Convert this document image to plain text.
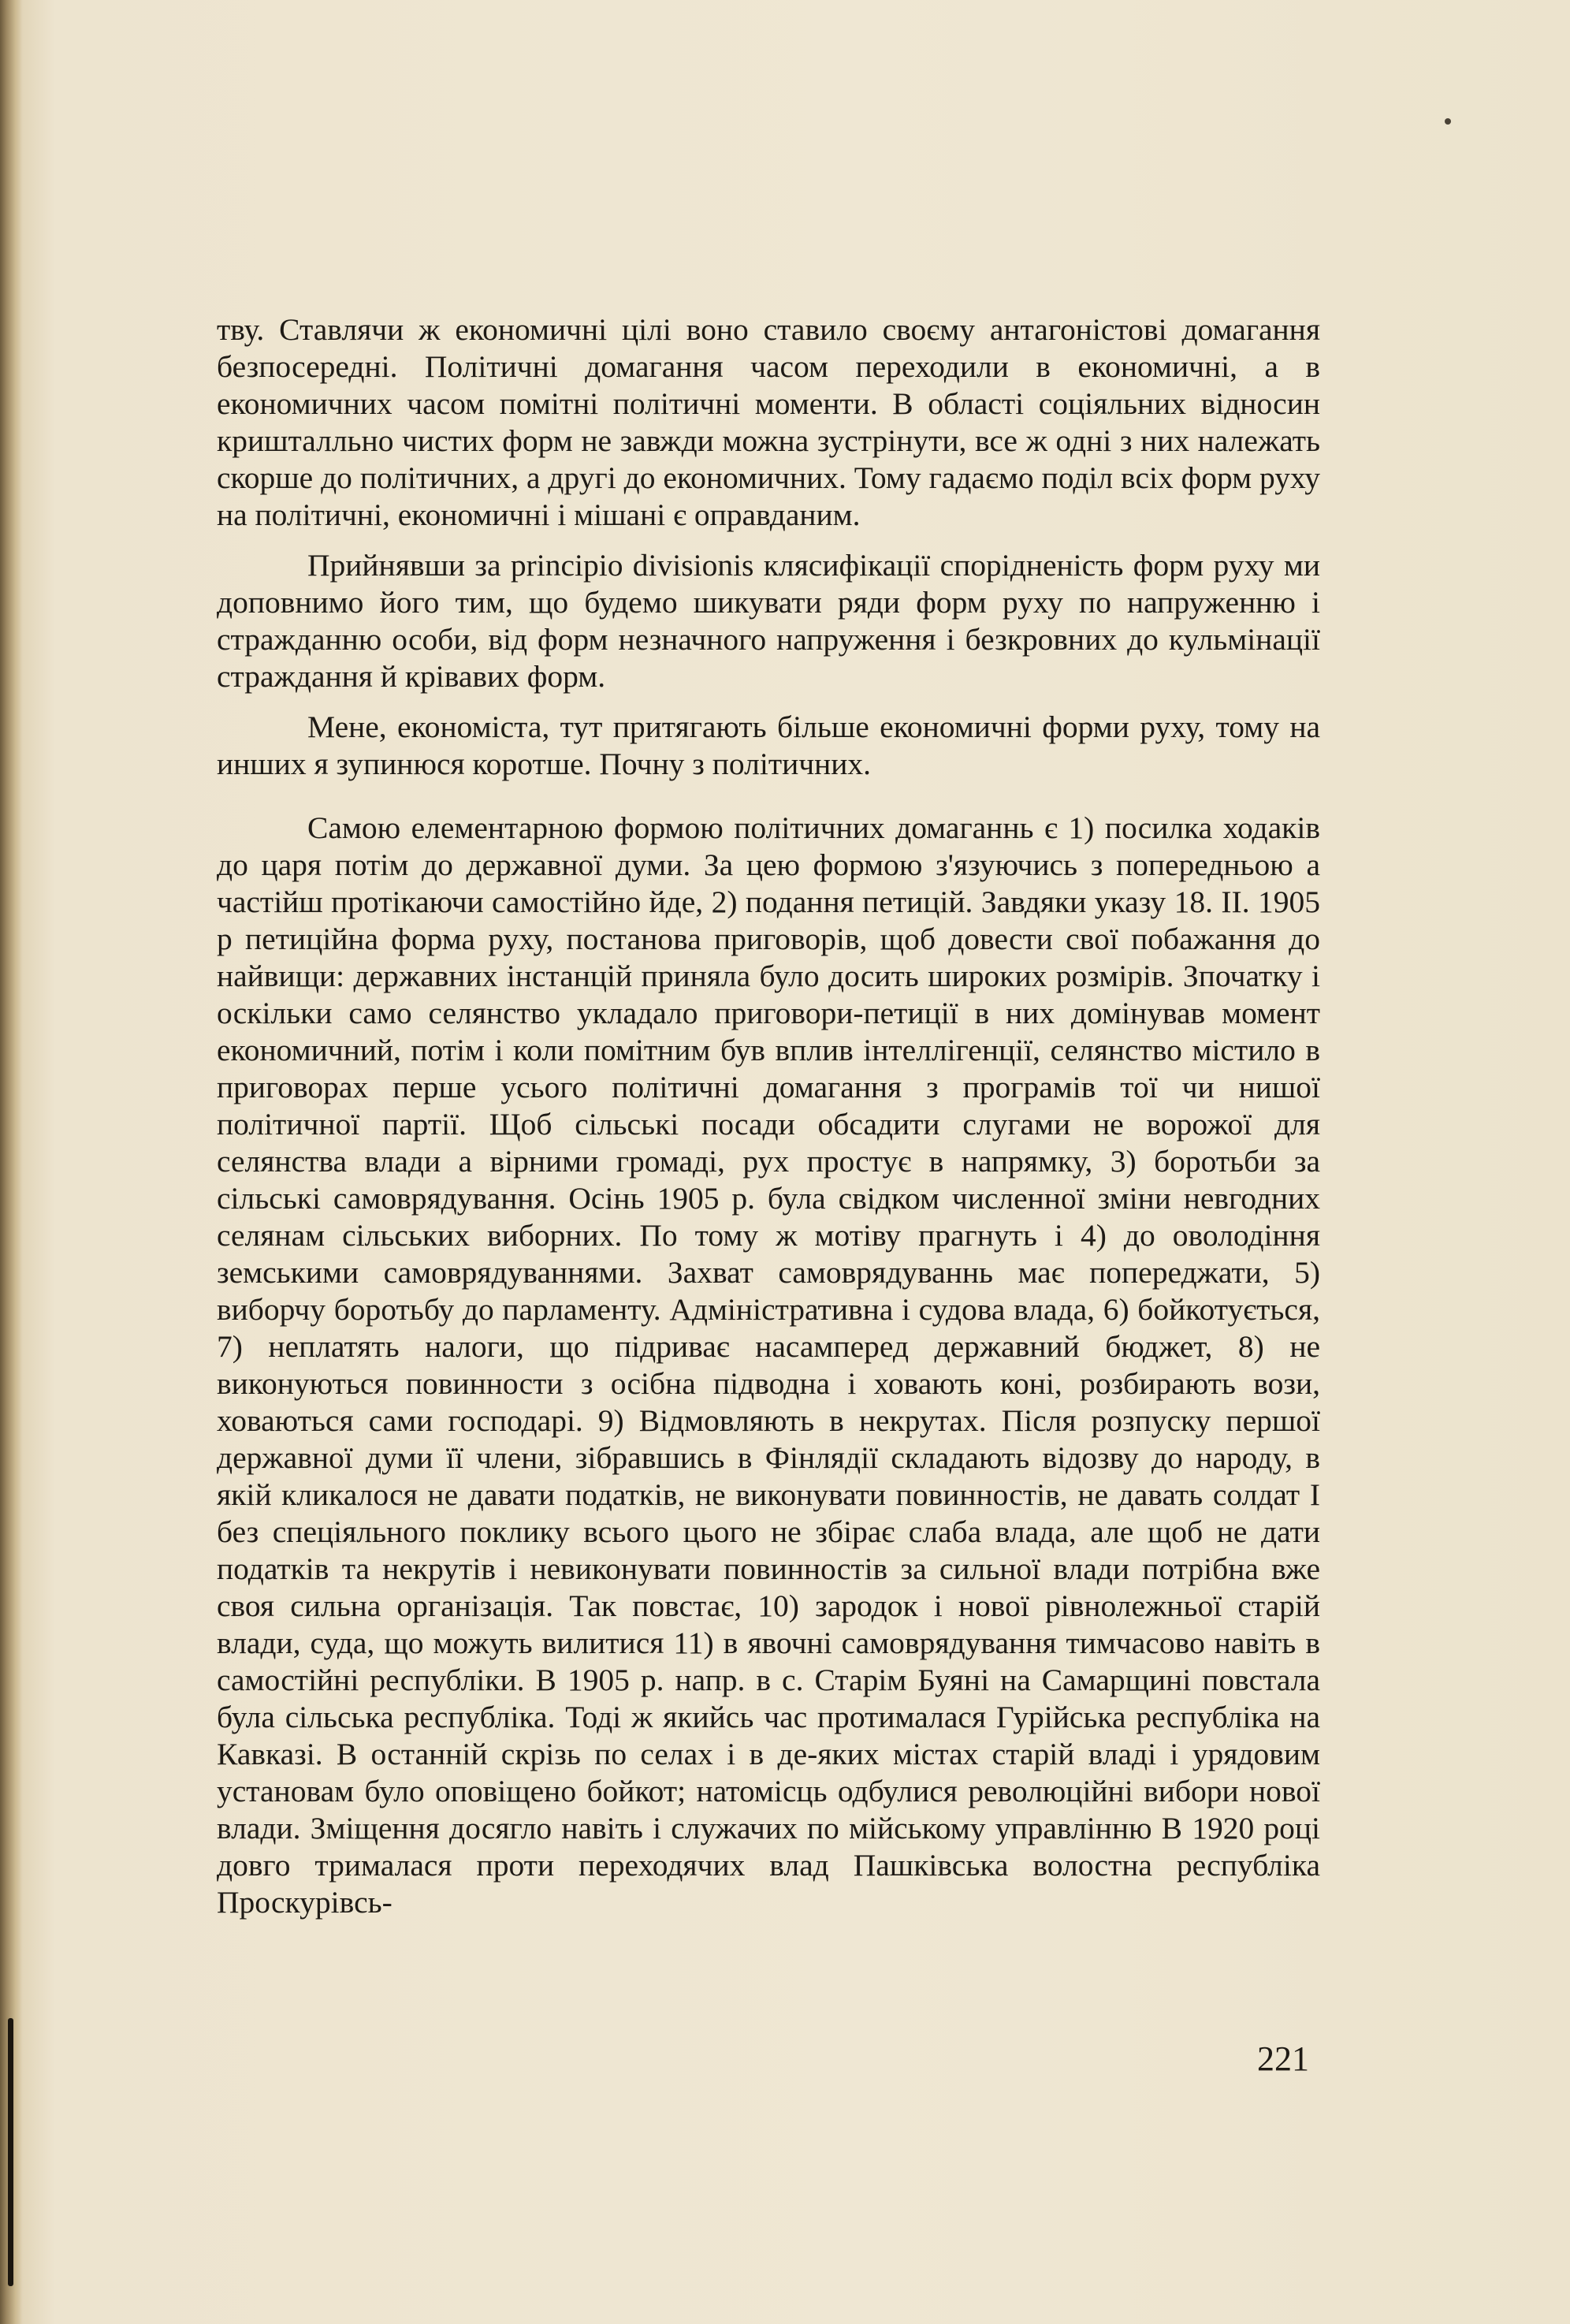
тву. Ставлячи ж економичні цілі воно ставило своєму антагоністові домагання безпосередні. Політичні домагання часом переходили в економичні, а в економичних часом помітні політичні моменти. В області соціяльних відносин кришталльно чистих форм не завжди можна зустрінути, все ж одні з них належать скорше до політичних, а другі до економичних. Тому гадаємо поділ всіх форм руху на політичні, економичні і мішані є оправданим.

Прийнявши за principio divisionis клясифікації спорідненість форм руху ми доповнимо його тим, що будемо шикувати ряди форм руху по напруженню і стражданню особи, від форм незначного напруження і безкровних до кульмінації страждання й крівавих форм.

Мене, економіста, тут притягають більше економичні форми руху, тому на инших я зупинюся коротше. Почну з політичних.

Самою елементарною формою політичних домаганнь є 1) посилка ходаків до царя потім до державної думи. За цею формою з'язуючись з попередньою а частійш протікаючи самостійно йде, 2) подання петицій. Завдяки указу 18. II. 1905 р петиційна форма руху, постанова приговорів, щоб довести свої побажання до найвищи: державних інстанцій приняла було досить широких розмірів. Зпочатку і оскільки само селянство укладало приговори-петиції в них домінував момент економичний, потім і коли помітним був вплив інтеллігенції, селянство містило в приговорах перше усього політичні домагання з програмів тої чи нишої політичної партії. Щоб сільські посади обсадити слугами не ворожої для селянства влади а вірними громаді, рух простує в напрямку, 3) боротьби за сільські самоврядування. Осінь 1905 р. була свідком численної зміни невгодних селянам сільських виборних. По тому ж мотіву прагнуть і 4) до оволодіння земськими самоврядуваннями. Захват самоврядуваннь має попереджати, 5) виборчу боротьбу до парламенту. Адміністративна і судова влада, 6) бойкотується, 7) неплатять налоги, що підриває насамперед державний бюджет, 8) не виконуються повинности з осібна підводна і ховають коні, розбирають вози, ховаються сами господарі. 9) Відмовляють в некрутах. Після розпуску першої державної думи її члени, зібравшись в Фінлядії складають відозву до народу, в якій кликалося не давати податків, не виконувати повинностів, не давать солдат І без спеціяльного поклику всього цього не збірає слаба влада, але щоб не дати податків та некрутів і невиконувати повинностів за сильної влади потрібна вже своя сильна організація. Так повстає, 10) зародок і нової рівнолежньої старій влади, суда, що можуть вилитися 11) в явочні самоврядування тимчасово навіть в самостійні республіки. В 1905 р. напр. в с. Старім Буяні на Самарщині повстала була сільська республіка. Тоді ж якийсь час протималася Гурійська республіка на Кавказі. В останній скрізь по селах і в де-яких містах старій владі і урядовим установам було оповіщено бойкот; натомісць одбулися революційні вибори нової влади. Зміщення досягло навіть і служачих по мійському управлінню В 1920 році довго трималася проти переходячих влад Пашківська волостна республіка Проскурівсь-

221
